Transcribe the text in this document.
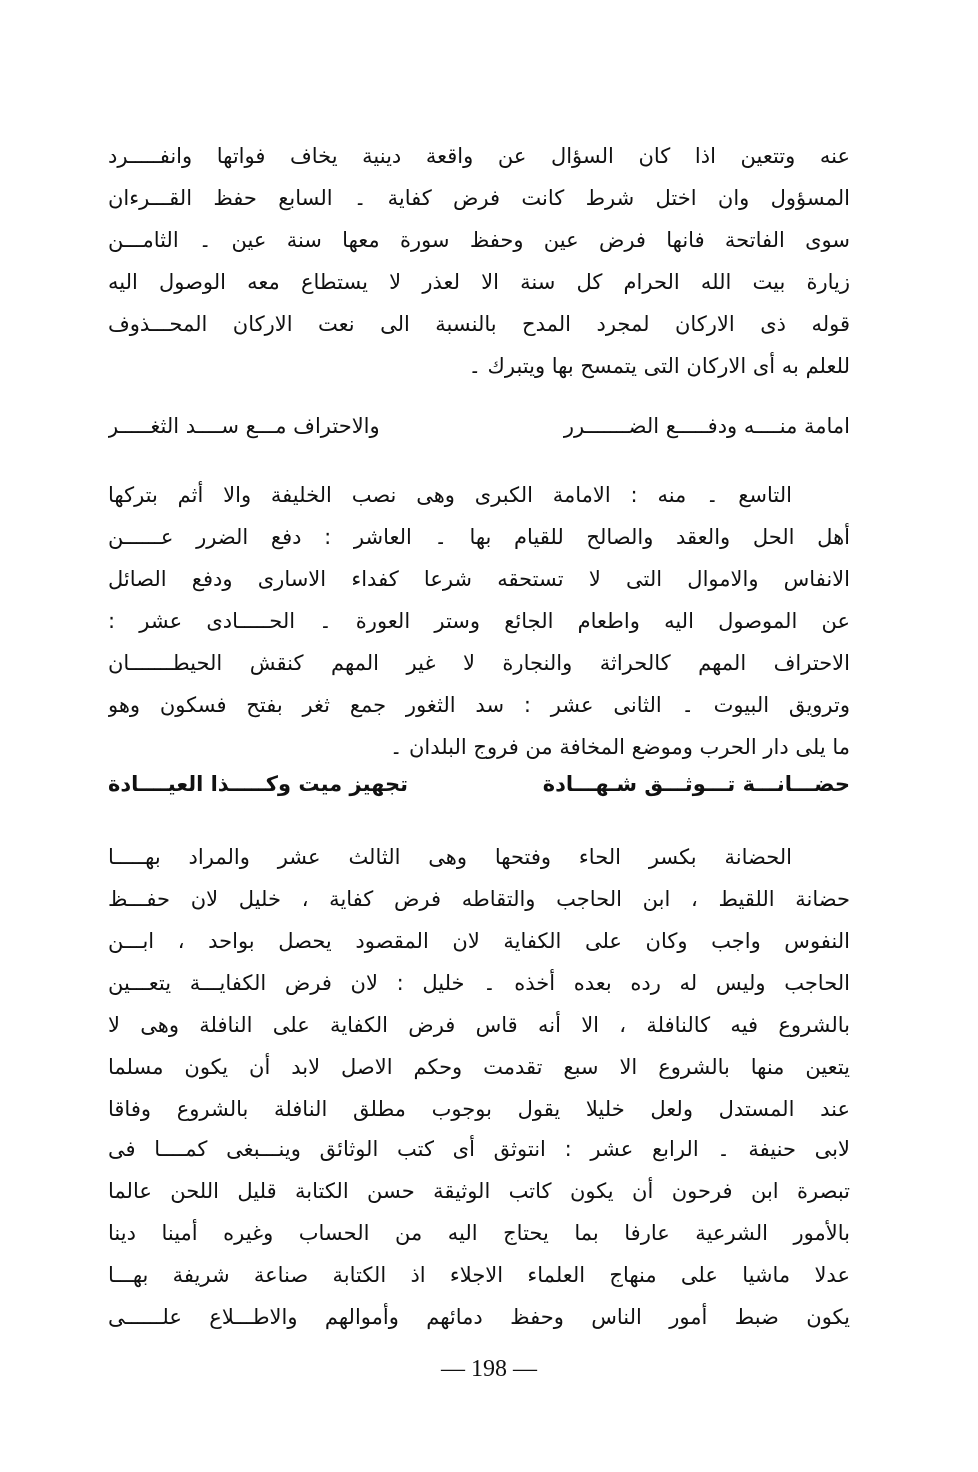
عنه وتتعين اذا كان السؤال عن واقعة دينية يخاف فواتها وانفـــــرد
المسؤول وان اختل شرط كانت فرض كفاية ۔ السابع حفظ القـــرءان
سوى الفاتحة فانها فرض عين وحفظ سورة معها سنة عين ۔ الثامـــن
زيارة بيت الله الحرام كل سنة الا لعذر لا يستطاع معه الوصول اليه
قوله ذى الاركان لمجرد المدح بالنسبة الى نعت الاركان المحـــذوف
للعلم به أى الاركان التى يتمسح بها ويتبرك ۔
امامة منــــه ودفـــــع الضـــــــرر
والاحتراف مـــع ســــد الثغـــــر
التاسع ۔ منه : الامامة الكبرى وهى نصب الخليفة والا أثم بتركها
أهل الحل والعقد والصالح للقيام بها ۔ العاشر : دفع الضرر عــــــن
الانفاس والاموال التى لا تستحقه شرعا كفداء الاسارى ودفع الصائل
عن الموصول اليه واطعام الجائع وستر العورة ۔ الحـــــادى عشر :
الاحتراف المهم كالحراثة والنجارة لا غير المهم كنقش الحيطـــــــان
وترويق البيوت ۔ الثانى عشر : سد الثغور جمع ثغر بفتح فسكون وهو
ما يلى دار الحرب وموضع المخافة من فروج البلدان ۔
حضـــانـــة تـــوثـــق شـهـــادة
تجهيز ميت وكـــــذا العيــــادة
الحضانة بكسر الحاء وفتحها وهى الثالث عشر والمراد بهـــــا
حضانة اللقيط ، ابن الحاجب والتقاطه فرض كفاية ، خليل لان حفـــظ
النفوس واجب وكان على الكفاية لان المقصود يحصل بواحد ، ابـــن
الحاجب وليس له رده بعده أخذه ۔ خليل : لان فرض الكفايـــة يتعـــين
بالشروع فيه كالنافلة ، الا أنه قاس فرض الكفاية على النافلة وهى لا
يتعين منها بالشروع الا سبع تقدمت وحكم الاصل لابد أن يكون مسلما
عند المستدل ولعل خليلا يقول بوجوب مطلق النافلة بالشروع وفاقا
لابى حنيفة ۔ الرابع عشر : انتوثق أى كتب الوثائق وينـــبغى كمــــا فى
تبصرة ابن فرحون أن يكون كاتب الوثيقة حسن الكتابة قليل اللحن عالما
بالأمور الشرعية عارفا بما يحتاج اليه من الحساب وغيره أمينا دينا
عدلا ماشيا على منهاج العلماء الاجلاء اذ الكتابة صناعة شريفة بهـــا
يكون ضبط أمور الناس وحفظ دمائهم وأموالهم والاطـــلاع علــــــى
— 198 —
